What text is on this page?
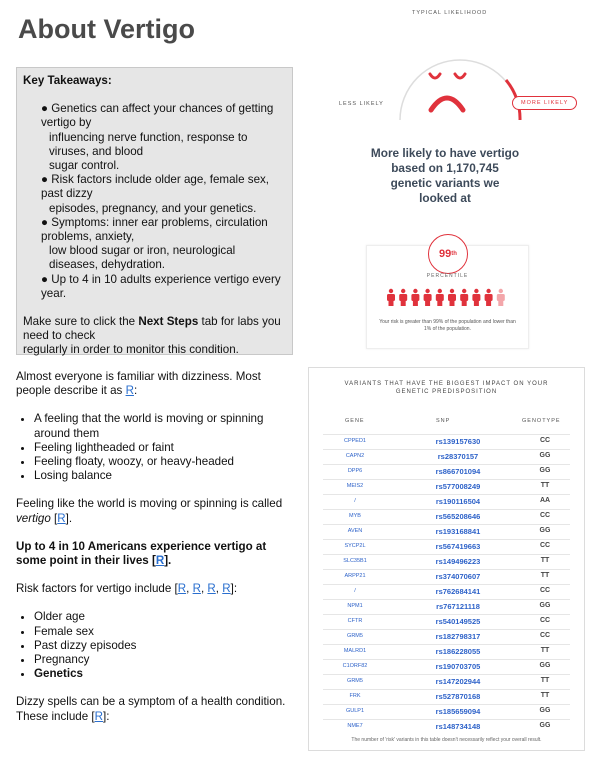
About Vertigo
Key Takeaways:

● Genetics can affect your chances of getting vertigo by

influencing nerve function, response to viruses, and blood

sugar control.

● Risk factors include older age, female sex, past dizzy

episodes, pregnancy, and your genetics.

● Symptoms: inner ear problems, circulation problems, anxiety,

low blood sugar or iron, neurological diseases, dehydration.

● Up to 4 in 10 adults experience vertigo every year.

Make sure to click the Next Steps tab for labs you need to check
regularly in order to monitor this condition.

Almost everyone is familiar with dizziness. Most people describe it as R:

• A feeling that the world is moving or spinning around them
• Feeling lightheaded or faint
• Feeling floaty, woozy, or heavy-headed
• Losing balance

Feeling like the world is moving or spinning is called vertigo [R].

Up to 4 in 10 Americans experience vertigo at some point in their lives [R].

Risk factors for vertigo include [R, R, R, R]:

• Older age
• Female sex
• Past dizzy episodes
• Pregnancy
• Genetics

Dizzy spells can be a symptom of a health condition. These include [R]:

TYPICAL LIKELIHOOD
LESS LIKELY	MORE LIKELY
More likely to have vertigo based on 1,170,745 genetic variants we looked at
99 th
PERCENTILE
Your risk is greater than 99% of the population and lower than 1% of the population.
VARIANTS THAT HAVE THE BIGGEST IMPACT ON YOUR GENETIC PREDISPOSITION
GENE	SNP	GENOTYPE
CPPED1	rs139157630	CC
CAPN2	rs28370157	GG
DPP6	rs866701094	GG
MEIS2	rs577008249	TT
/	rs190116504	AA
MYB	rs565208646	CC
AVEN	rs193168841	GG
SYCP2L	rs567419663	CC
SLC35B1	rs149496223	TT
ARPP21	rs374070607	TT
/	rs762684141	CC
NPM1	rs767121118	GG
CFTR	rs540149525	CC
GRM5	rs182798317	CC
MALRD1	rs186228055	TT
C1ORF82	rs190703705	GG
GRM5	rs147202944	TT
FRK	rs527870168	TT
GULP1	rs185659094	GG
NME7	rs148734148	GG
The number of 'risk' variants in this table doesn't necessarily reflect your overall result.
